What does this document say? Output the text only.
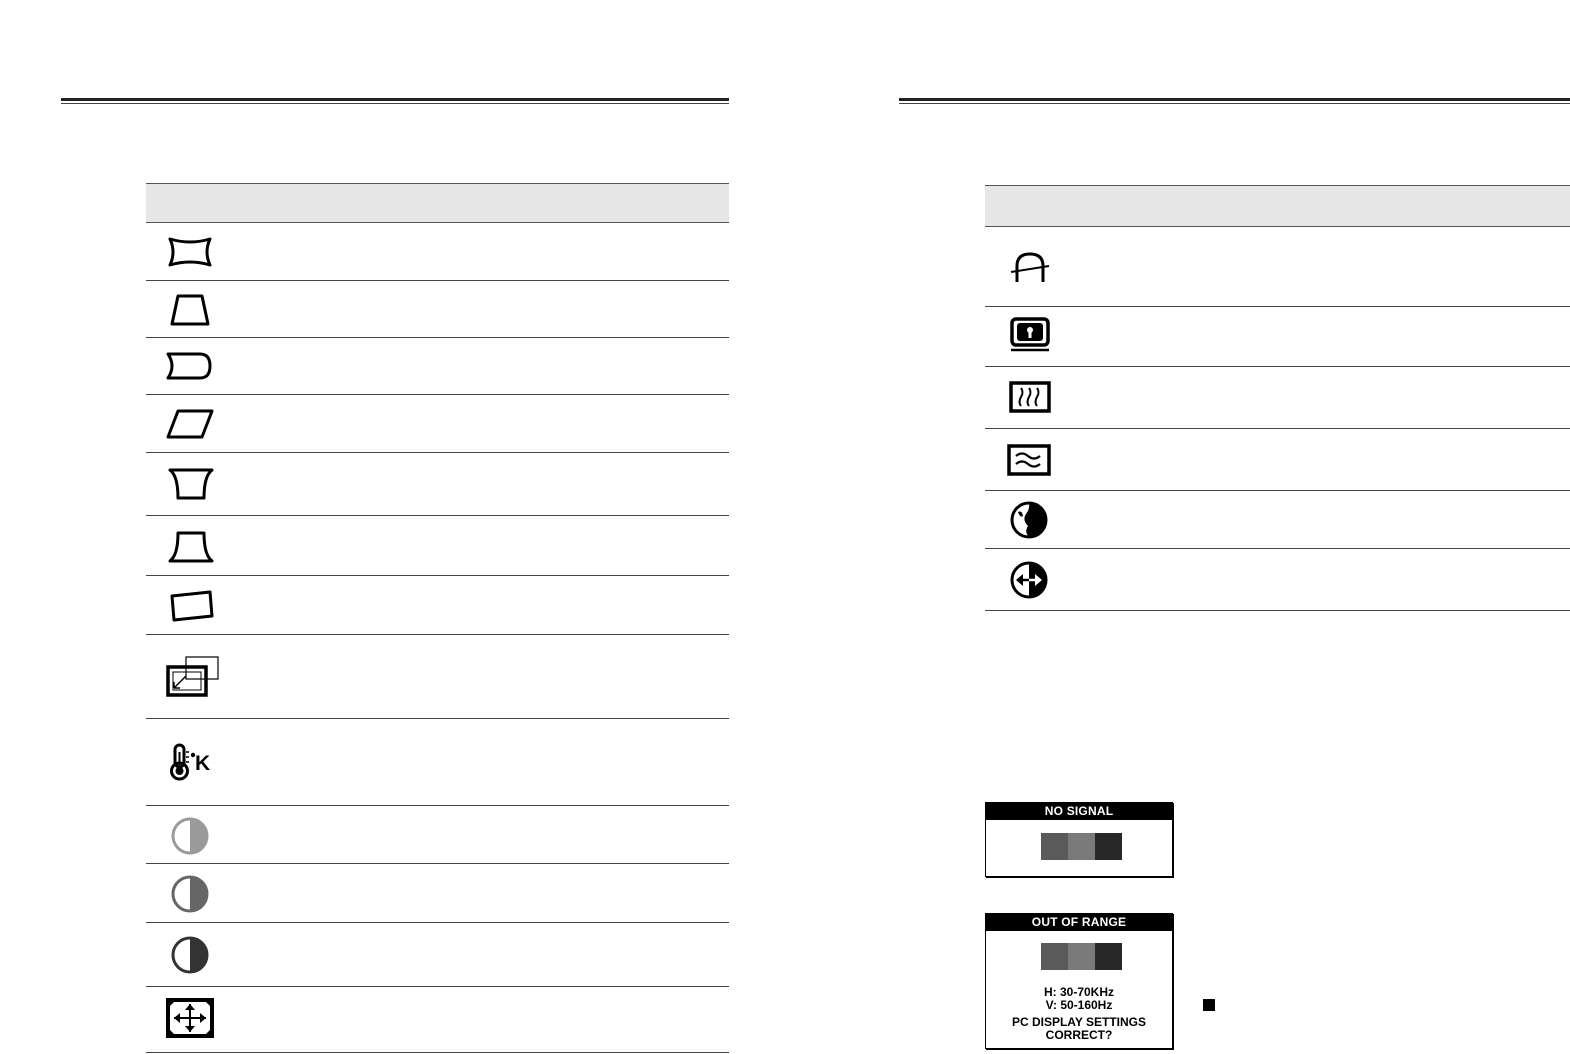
K
NO SIGNAL
OUT OF RANGE
H: 30-70KHz
V: 50-160Hz
PC DISPLAY SETTINGS
CORRECT?
